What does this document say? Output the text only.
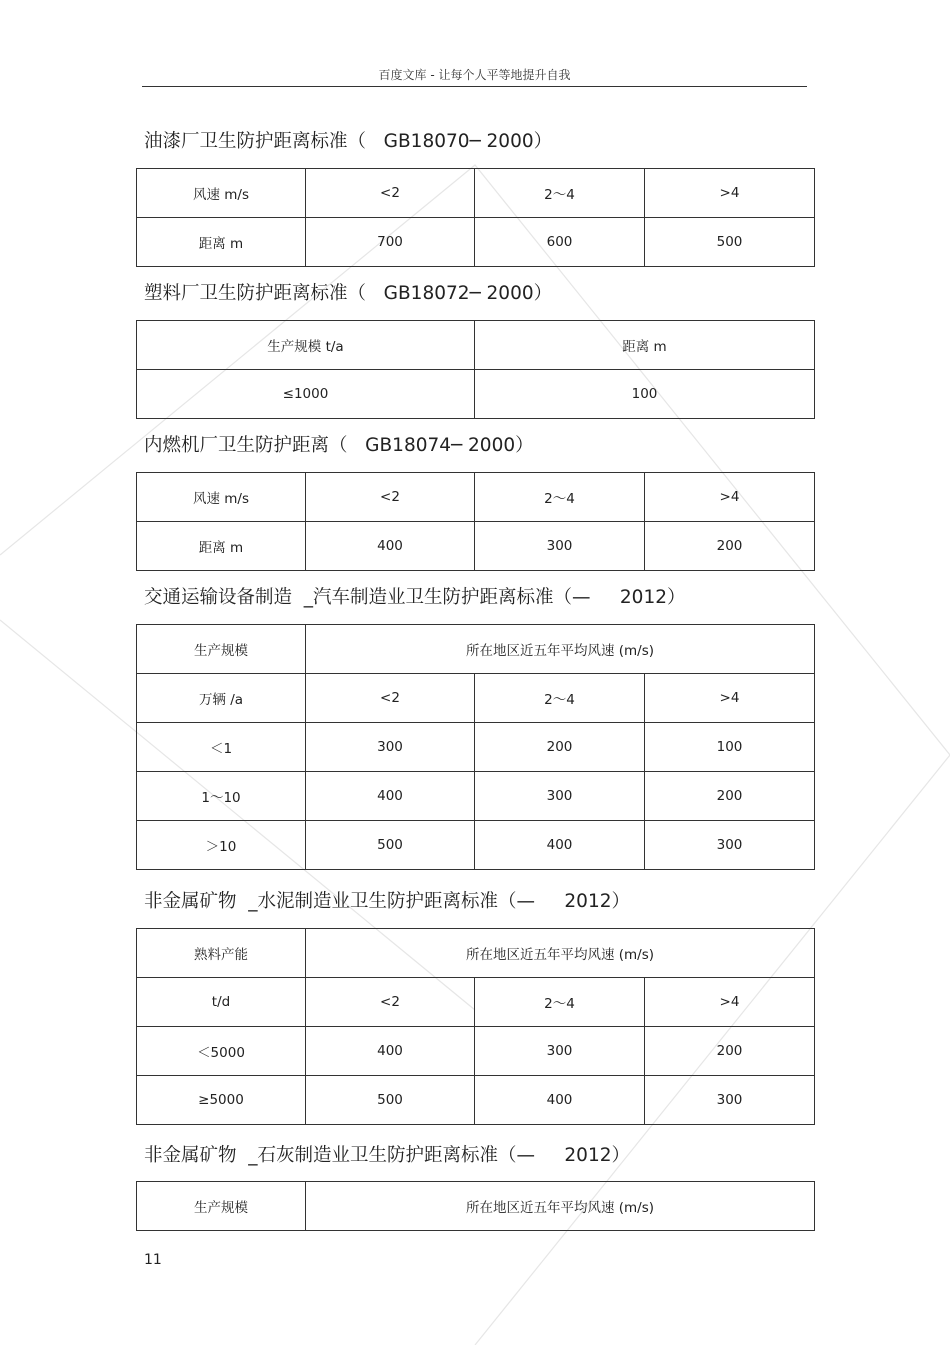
百度文库 - 让每个人平等地提升自我
油漆厂卫生防护距离标准（   GB18070─ 2000）
风速 m/s	<2	2～4	>4
距离 m	700	600	500
塑料厂卫生防护距离标准（   GB18072─ 2000）
生产规模 t/a	距离 m
≤1000	100
内燃机厂卫生防护距离（   GB18074─ 2000）
风速 m/s	<2	2～4	>4
距离 m	400	300	200
交通运输设备制造  _汽车制造业卫生防护距离标准（—     2012）
生产规模	所在地区近五年平均风速 (m/s)		
万辆 /a	<2	2～4	>4
＜1	300	200	100
1～10	400	300	200
＞10	500	400	300
非金属矿物  _水泥制造业卫生防护距离标准（—     2012）
熟料产能	所在地区近五年平均风速 (m/s)		
t/d	<2	2～4	>4
＜5000	400	300	200
≥5000	500	400	300
非金属矿物  _石灰制造业卫生防护距离标准（—     2012）
生产规模	所在地区近五年平均风速 (m/s)
11
